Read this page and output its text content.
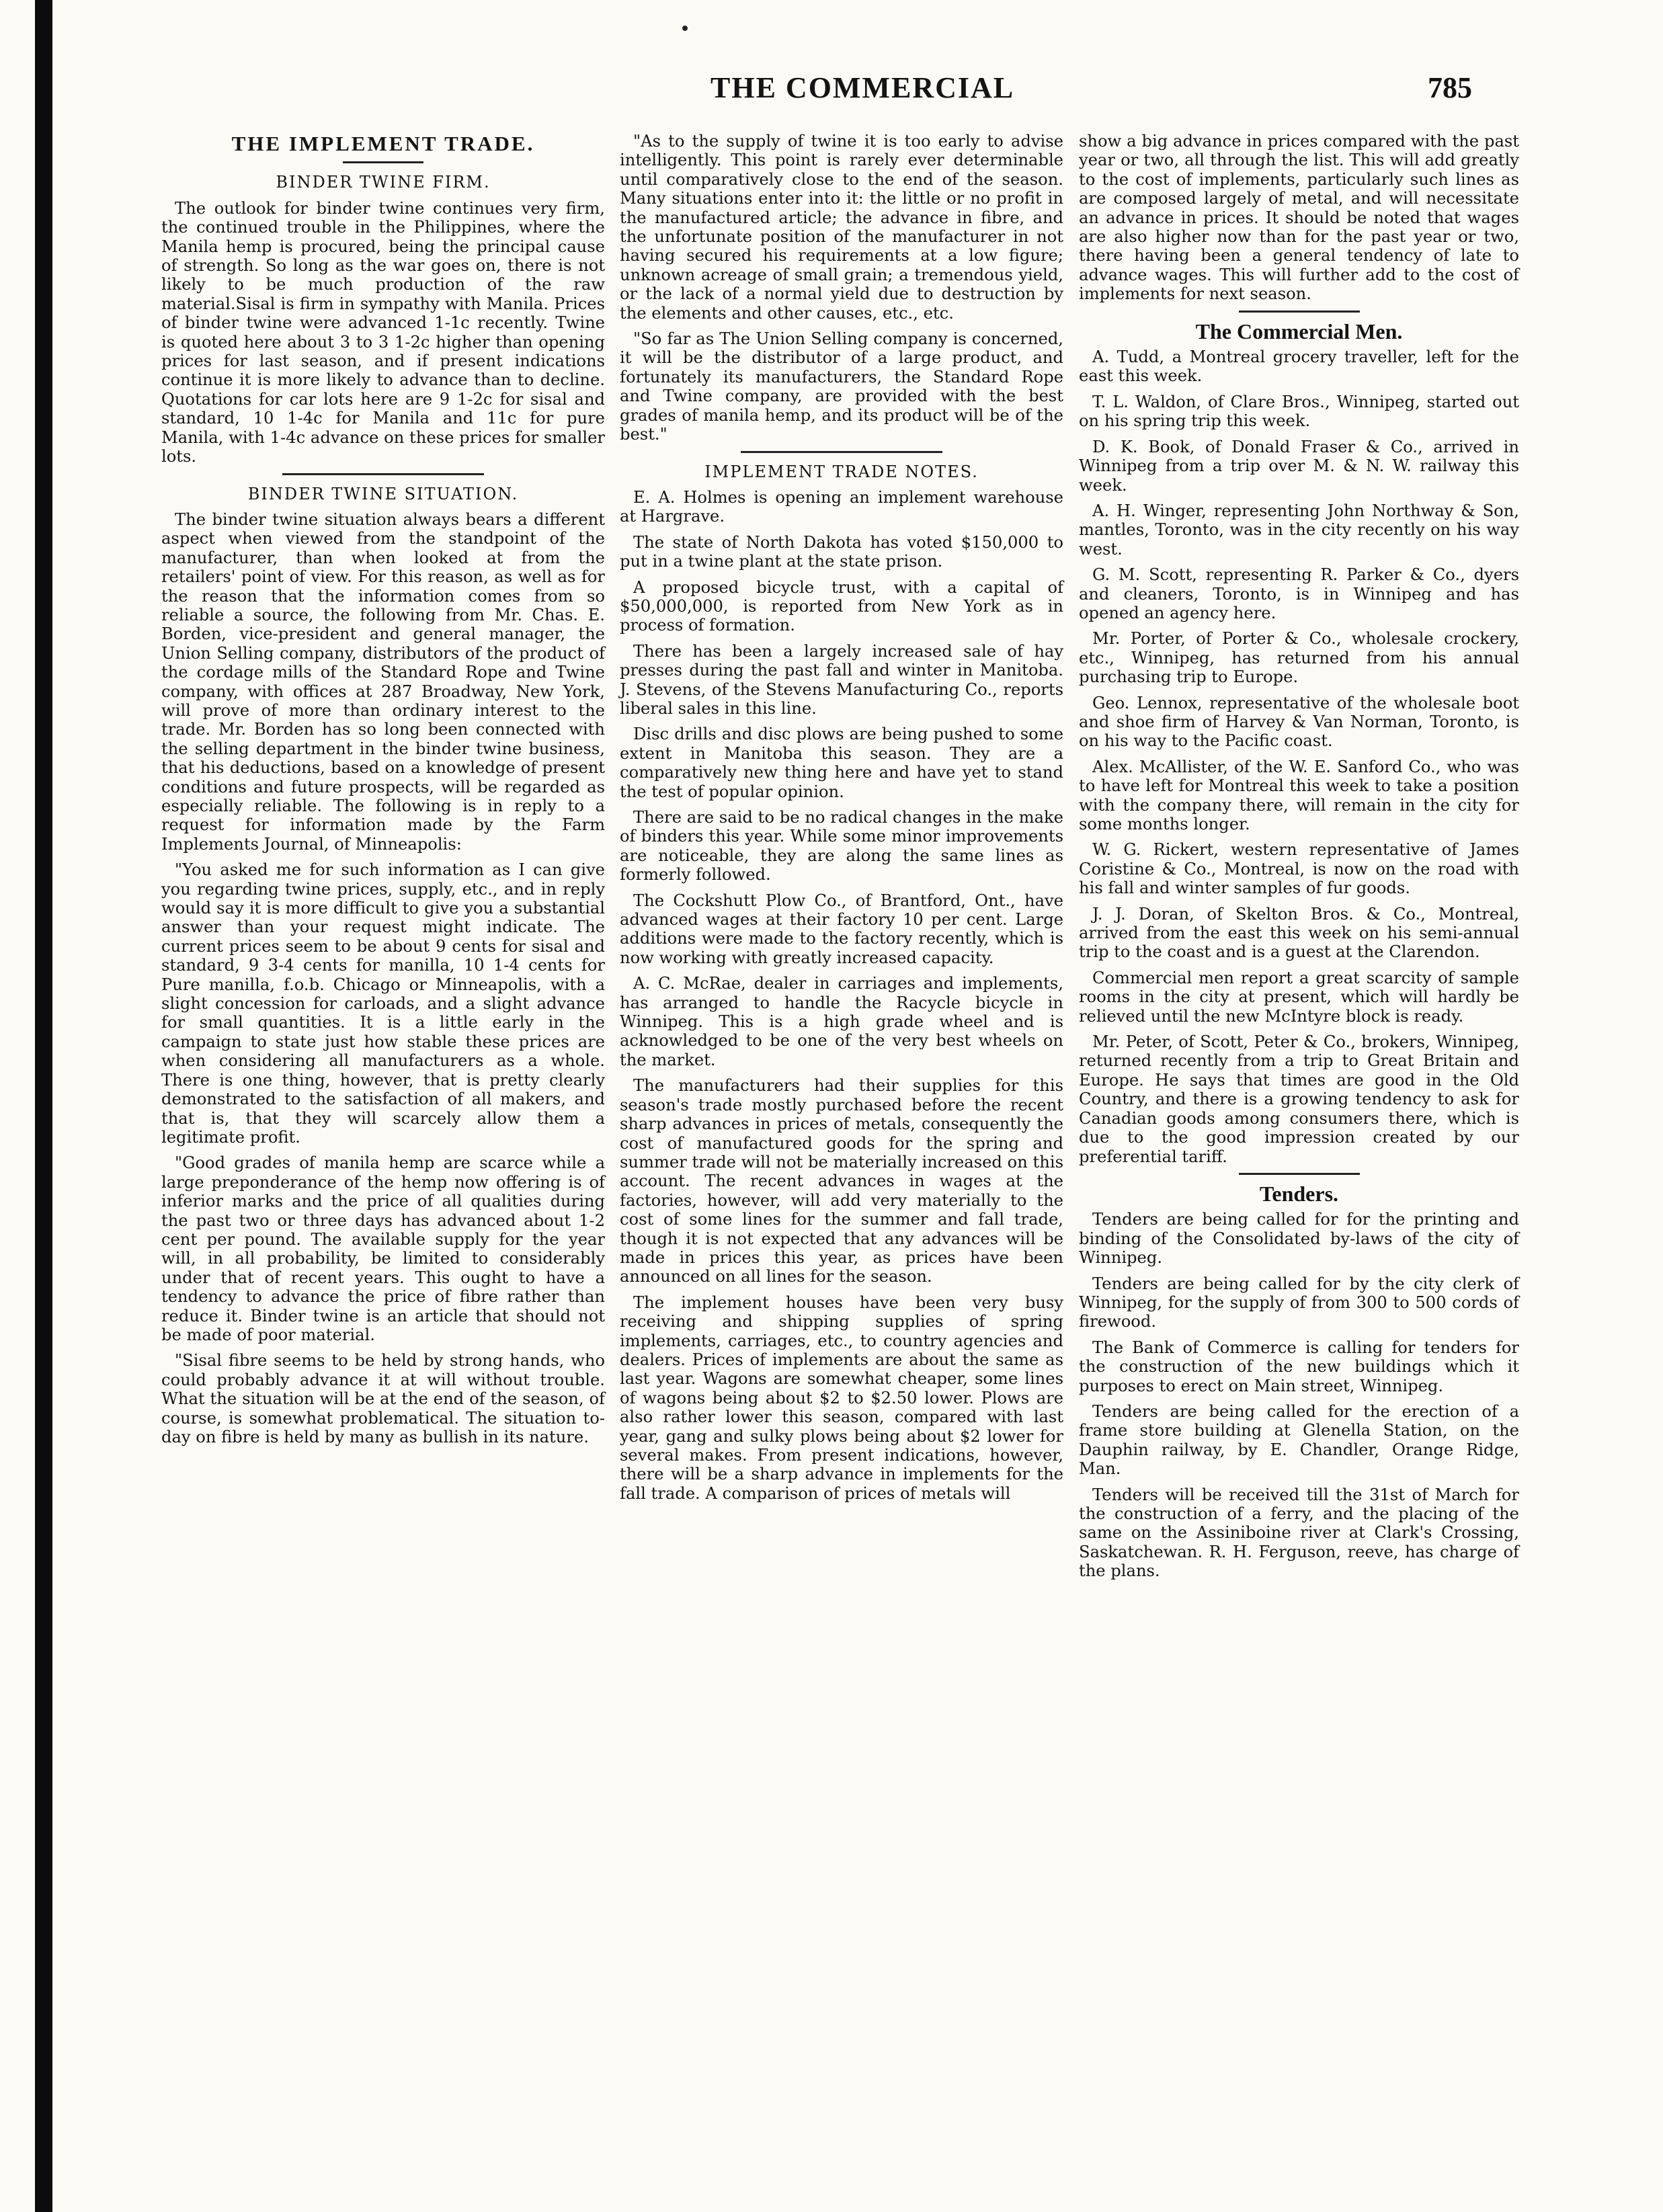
THE COMMERCIAL	785
THE IMPLEMENT TRADE.
BINDER TWINE FIRM.

The outlook for binder twine continues very firm, the continued trouble in the Philippines, where the Manila hemp is procured, being the principal cause of strength. So long as the war goes on, there is not likely to be much production of the raw material.Sisal is firm in sympathy with Manila. Prices of binder twine were advanced 1-1c recently. Twine is quoted here about 3 to 3 1-2c higher than opening prices for last season, and if present indications continue it is more likely to advance than to decline. Quotations for car lots here are 9 1-2c for sisal and standard, 10 1-4c for Manila and 11c for pure Manila, with 1-4c advance on these prices for smaller lots.

BINDER TWINE SITUATION.

The binder twine situation always bears a different aspect when viewed from the standpoint of the manufacturer, than when looked at from the retailers' point of view. For this reason, as well as for the reason that the information comes from so reliable a source, the following from Mr. Chas. E. Borden, vice-president and general manager, the Union Selling company, distributors of the product of the cordage mills of the Standard Rope and Twine company, with offices at 287 Broadway, New York, will prove of more than ordinary interest to the trade. Mr. Borden has so long been connected with the selling department in the binder twine business, that his deductions, based on a knowledge of present conditions and future prospects, will be regarded as especially reliable. The following is in reply to a request for information made by the Farm Implements Journal, of Minneapolis:

"You asked me for such information as I can give you regarding twine prices, supply, etc., and in reply would say it is more difficult to give you a substantial answer than your request might indicate. The current prices seem to be about 9 cents for sisal and standard, 9 3-4 cents for manilla, 10 1-4 cents for Pure manilla, f.o.b. Chicago or Minneapolis, with a slight concession for carloads, and a slight advance for small quantities. It is a little early in the campaign to state just how stable these prices are when considering all manufacturers as a whole. There is one thing, however, that is pretty clearly demonstrated to the satisfaction of all makers, and that is, that they will scarcely allow them a legitimate profit.

"Good grades of manila hemp are scarce while a large preponderance of the hemp now offering is of inferior marks and the price of all qualities during the past two or three days has advanced about 1-2 cent per pound. The available supply for the year will, in all probability, be limited to considerably under that of recent years. This ought to have a tendency to advance the price of fibre rather than reduce it. Binder twine is an article that should not be made of poor material.

"Sisal fibre seems to be held by strong hands, who could probably advance it at will without trouble. What the situation will be at the end of the season, of course, is somewhat problematical. The situation to-day on fibre is held by many as bullish in its nature.

"As to the supply of twine it is too early to advise intelligently. This point is rarely ever determinable until comparatively close to the end of the season. Many situations enter into it: the little or no profit in the manufactured article; the advance in fibre, and the unfortunate position of the manufacturer in not having secured his requirements at a low figure; unknown acreage of small grain; a tremendous yield, or the lack of a normal yield due to destruction by the elements and other causes, etc., etc.

"So far as The Union Selling company is concerned, it will be the distributor of a large product, and fortunately its manufacturers, the Standard Rope and Twine company, are provided with the best grades of manila hemp, and its product will be of the best."

IMPLEMENT TRADE NOTES.

E. A. Holmes is opening an implement warehouse at Hargrave.

The state of North Dakota has voted $150,000 to put in a twine plant at the state prison.

A proposed bicycle trust, with a capital of $50,000,000, is reported from New York as in process of formation.

There has been a largely increased sale of hay presses during the past fall and winter in Manitoba. J. Stevens, of the Stevens Manufacturing Co., reports liberal sales in this line.

Disc drills and disc plows are being pushed to some extent in Manitoba this season. They are a comparatively new thing here and have yet to stand the test of popular opinion.

There are said to be no radical changes in the make of binders this year. While some minor improvements are noticeable, they are along the same lines as formerly followed.

The Cockshutt Plow Co., of Brantford, Ont., have advanced wages at their factory 10 per cent. Large additions were made to the factory recently, which is now working with greatly increased capacity.

A. C. McRae, dealer in carriages and implements, has arranged to handle the Racycle bicycle in Winnipeg. This is a high grade wheel and is acknowledged to be one of the very best wheels on the market.

The manufacturers had their supplies for this season's trade mostly purchased before the recent sharp advances in prices of metals, consequently the cost of manufactured goods for the spring and summer trade will not be materially increased on this account. The recent advances in wages at the factories, however, will add very materially to the cost of some lines for the summer and fall trade, though it is not expected that any advances will be made in prices this year, as prices have been announced on all lines for the season.

The implement houses have been very busy receiving and shipping supplies of spring implements, carriages, etc., to country agencies and dealers. Prices of implements are about the same as last year. Wagons are somewhat cheaper, some lines of wagons being about $2 to $2.50 lower. Plows are also rather lower this season, compared with last year, gang and sulky plows being about $2 lower for several makes. From present indications, however, there will be a sharp advance in implements for the fall trade. A comparison of prices of metals will

show a big advance in prices compared with the past year or two, all through the list. This will add greatly to the cost of implements, particularly such lines as are composed largely of metal, and will necessitate an advance in prices. It should be noted that wages are also higher now than for the past year or two, there having been a general tendency of late to advance wages. This will further add to the cost of implements for next season.

The Commercial Men.

A. Tudd, a Montreal grocery traveller, left for the east this week.

T. L. Waldon, of Clare Bros., Winnipeg, started out on his spring trip this week.

D. K. Book, of Donald Fraser & Co., arrived in Winnipeg from a trip over M. & N. W. railway this week.

A. H. Winger, representing John Northway & Son, mantles, Toronto, was in the city recently on his way west.

G. M. Scott, representing R. Parker & Co., dyers and cleaners, Toronto, is in Winnipeg and has opened an agency here.

Mr. Porter, of Porter & Co., wholesale crockery, etc., Winnipeg, has returned from his annual purchasing trip to Europe.

Geo. Lennox, representative of the wholesale boot and shoe firm of Harvey & Van Norman, Toronto, is on his way to the Pacific coast.

Alex. McAllister, of the W. E. Sanford Co., who was to have left for Montreal this week to take a position with the company there, will remain in the city for some months longer.

W. G. Rickert, western representative of James Coristine & Co., Montreal, is now on the road with his fall and winter samples of fur goods.

J. J. Doran, of Skelton Bros. & Co., Montreal, arrived from the east this week on his semi-annual trip to the coast and is a guest at the Clarendon.

Commercial men report a great scarcity of sample rooms in the city at present, which will hardly be relieved until the new McIntyre block is ready.

Mr. Peter, of Scott, Peter & Co., brokers, Winnipeg, returned recently from a trip to Great Britain and Europe. He says that times are good in the Old Country, and there is a growing tendency to ask for Canadian goods among consumers there, which is due to the good impression created by our preferential tariff.

Tenders.

Tenders are being called for for the printing and binding of the Consolidated by-laws of the city of Winnipeg.

Tenders are being called for by the city clerk of Winnipeg, for the supply of from 300 to 500 cords of firewood.

The Bank of Commerce is calling for tenders for the construction of the new buildings which it purposes to erect on Main street, Winnipeg.

Tenders are being called for the erection of a frame store building at Glenella Station, on the Dauphin railway, by E. Chandler, Orange Ridge, Man.

Tenders will be received till the 31st of March for the construction of a ferry, and the placing of the same on the Assiniboine river at Clark's Crossing, Saskatchewan. R. H. Ferguson, reeve, has charge of the plans.
